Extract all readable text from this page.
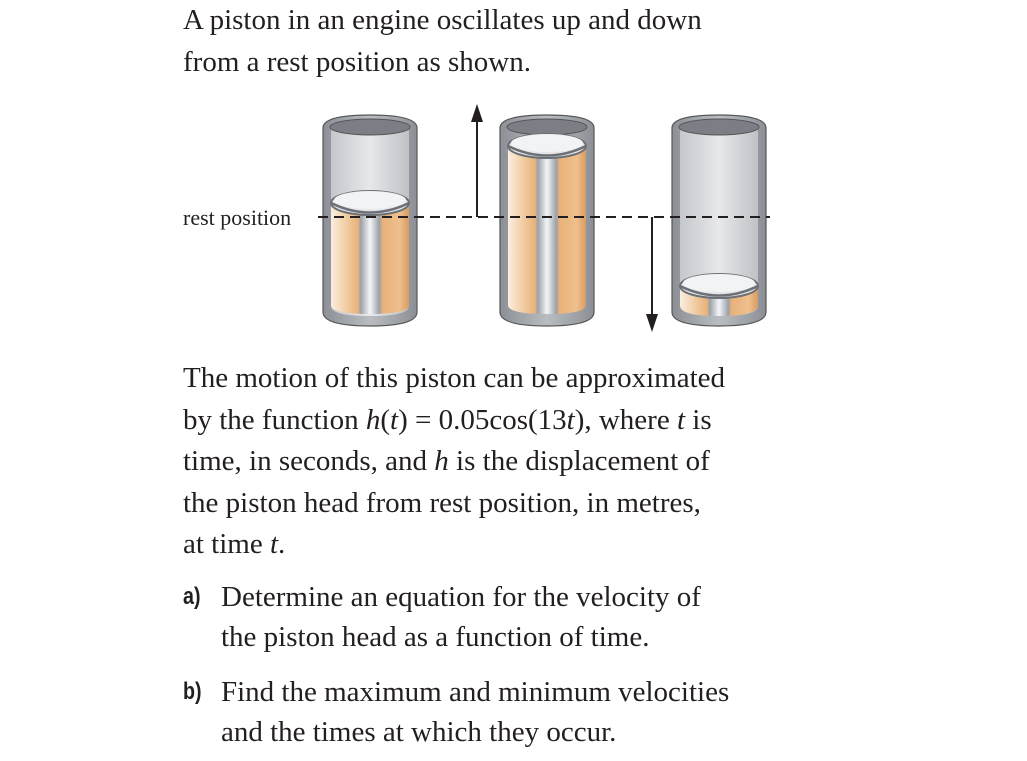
A piston in an engine oscillates up and down
from a rest position as shown.

rest position

The motion of this piston can be approximated
by the function h(t) = 0.05cos(13t), where t is
time, in seconds, and h is the displacement of
the piston head from rest position, in metres,
at time t.

a) Determine an equation for the velocity of
the piston head as a function of time.
b) Find the maximum and minimum velocities
and the times at which they occur.
